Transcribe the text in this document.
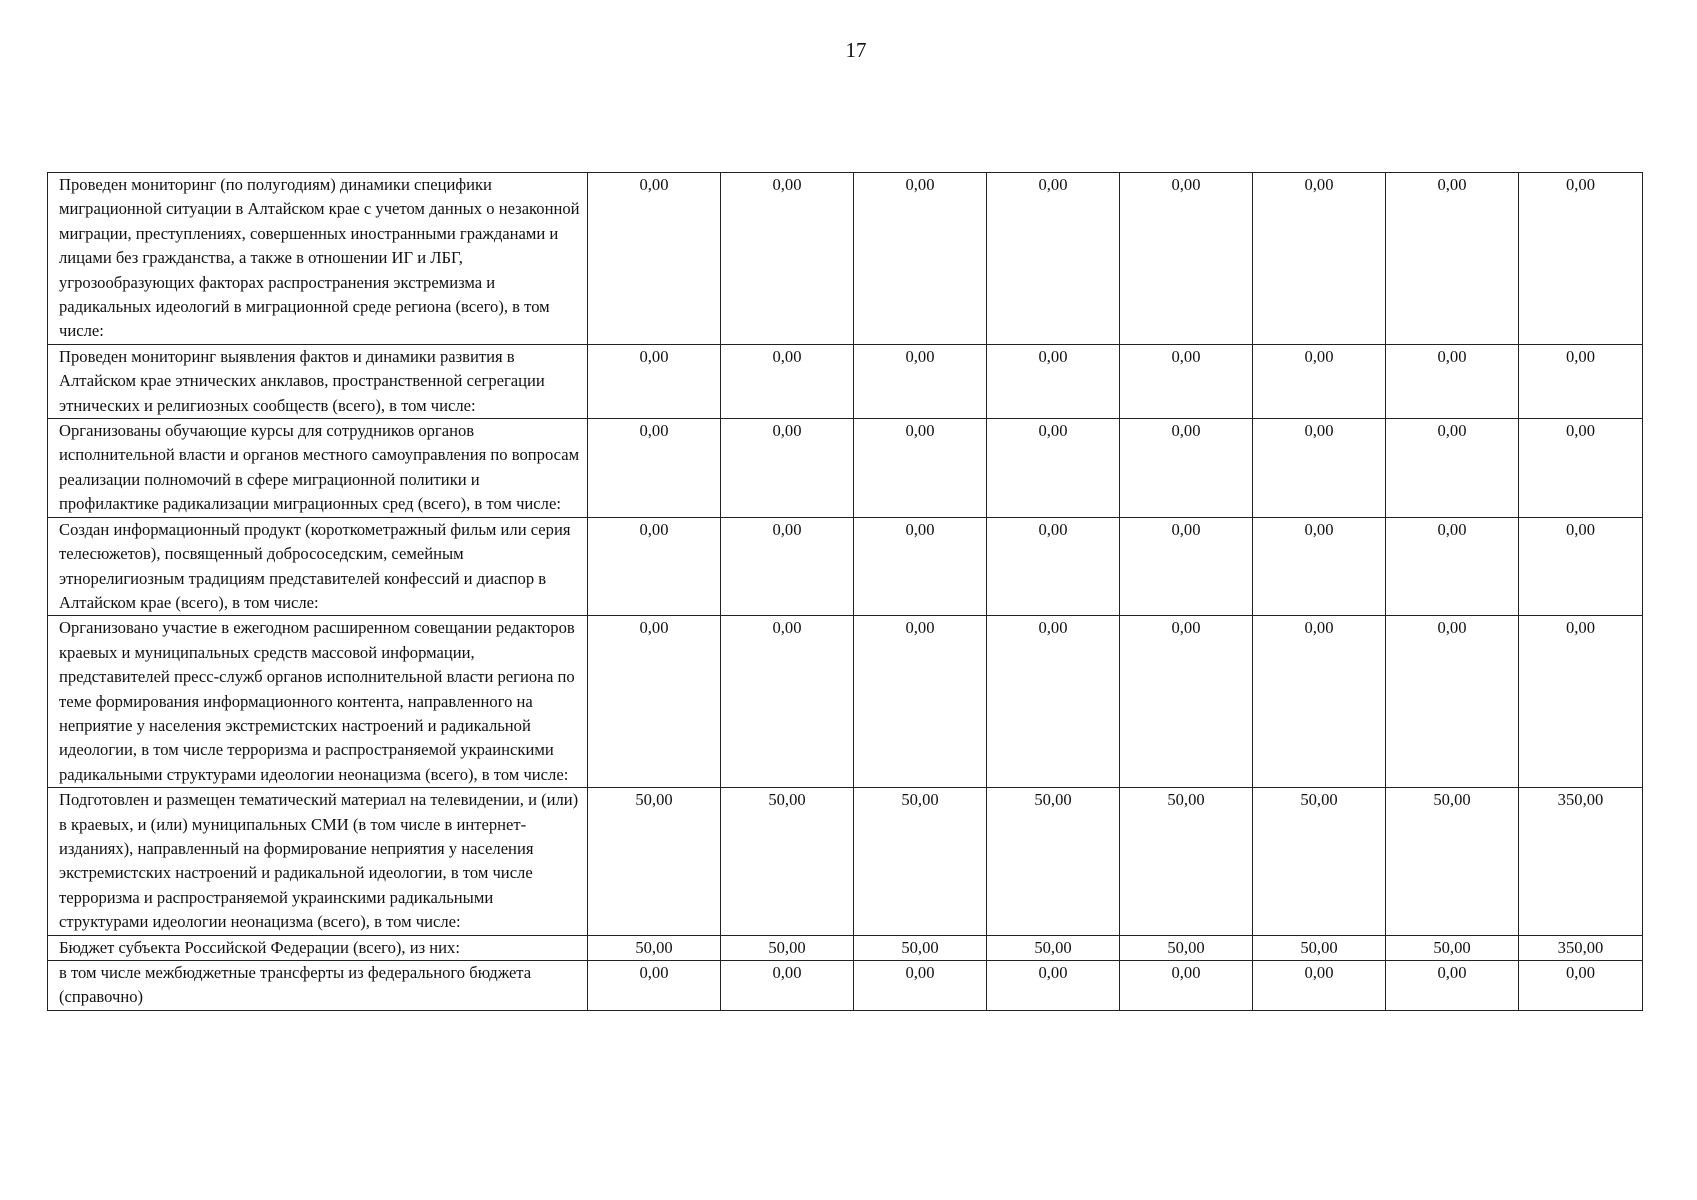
17
Проведен мониторинг (по полугодиям) динамики специфики миграционной ситуации в Алтайском крае с учетом данных о незаконной миграции, преступлениях, совершенных иностранными гражданами и лицами без гражданства, а также в отношении ИГ и ЛБГ, угрозообразующих факторах распространения экстремизма и радикальных идеологий в миграционной среде региона (всего), в том числе:	0,00	0,00	0,00	0,00	0,00	0,00	0,00	0,00
Проведен мониторинг выявления фактов и динамики развития в Алтайском крае этнических анклавов, пространственной сегрегации этнических и религиозных сообществ (всего), в том числе:	0,00	0,00	0,00	0,00	0,00	0,00	0,00	0,00
Организованы обучающие курсы для сотрудников органов исполнительной власти и органов местного самоуправления по вопросам реализации полномочий в сфере миграционной политики и профилактике радикализации миграционных сред (всего), в том числе:	0,00	0,00	0,00	0,00	0,00	0,00	0,00	0,00
Создан информационный продукт (короткометражный фильм или серия телесюжетов), посвященный добрососедским, семейным этнорелигиозным традициям представителей конфессий и диаспор в Алтайском крае (всего), в том числе:	0,00	0,00	0,00	0,00	0,00	0,00	0,00	0,00
Организовано участие в ежегодном расширенном совещании редакторов краевых и муниципальных средств массовой информации, представителей пресс-служб органов исполнительной власти региона по теме формирования информационного контента, направленного на неприятие у населения экстремистских настроений и радикальной идеологии, в том числе терроризма и распространяемой украинскими радикальными структурами идеологии неонацизма (всего), в том числе:	0,00	0,00	0,00	0,00	0,00	0,00	0,00	0,00
Подготовлен и размещен тематический материал на телевидении, и (или) в краевых, и (или) муниципальных СМИ (в том числе в интернет-изданиях), направленный на формирование неприятия у населения экстремистских настроений и радикальной идеологии, в том числе терроризма и распространяемой украинскими радикальными структурами идеологии неонацизма (всего), в том числе:	50,00	50,00	50,00	50,00	50,00	50,00	50,00	350,00
Бюджет субъекта Российской Федерации (всего), из них:	50,00	50,00	50,00	50,00	50,00	50,00	50,00	350,00
в том числе межбюджетные трансферты из федерального бюджета (справочно)	0,00	0,00	0,00	0,00	0,00	0,00	0,00	0,00
